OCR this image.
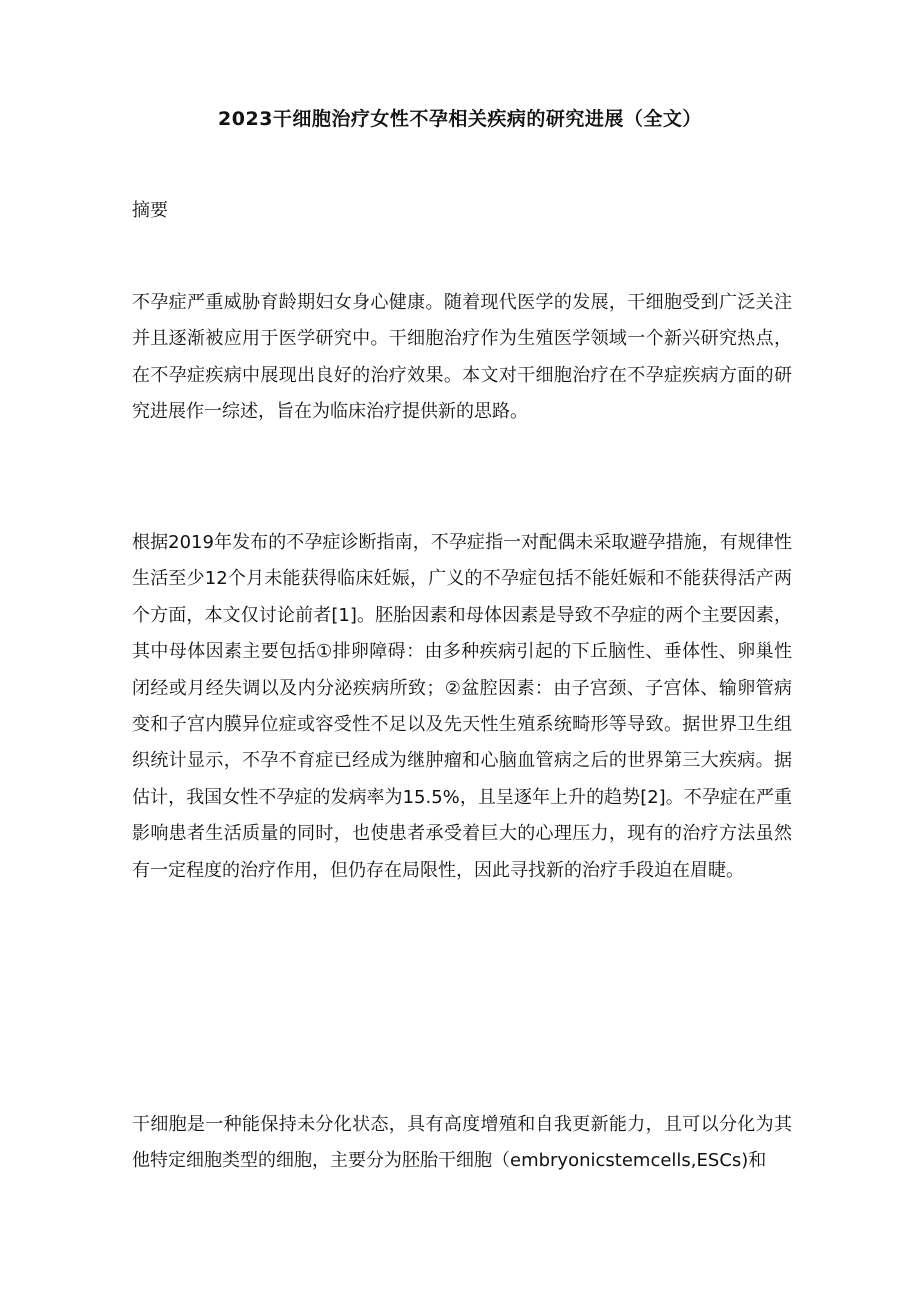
2023干细胞治疗女性不孕相关疾病的研究进展（全文）
摘要

不孕症严重威胁育龄期妇女身心健康。随着现代医学的发展，干细胞受到广泛关注并且逐渐被应用于医学研究中。干细胞治疗作为生殖医学领域一个新兴研究热点，在不孕症疾病中展现出良好的治疗效果。本文对干细胞治疗在不孕症疾病方面的研究进展作一综述，旨在为临床治疗提供新的思路。

根据2019年发布的不孕症诊断指南，不孕症指一对配偶未采取避孕措施，有规律性生活至少12个月未能获得临床妊娠，广义的不孕症包括不能妊娠和不能获得活产两个方面，本文仅讨论前者[1]。胚胎因素和母体因素是导致不孕症的两个主要因素，其中母体因素主要包括①排卵障碍：由多种疾病引起的下丘脑性、垂体性、卵巢性闭经或月经失调以及内分泌疾病所致；②盆腔因素：由子宫颈、子宫体、输卵管病变和子宫内膜异位症或容受性不足以及先天性生殖系统畸形等导致。据世界卫生组织统计显示，不孕不育症已经成为继肿瘤和心脑血管病之后的世界第三大疾病。据估计，我国女性不孕症的发病率为15.5%，且呈逐年上升的趋势[2]。不孕症在严重影响患者生活质量的同时，也使患者承受着巨大的心理压力，现有的治疗方法虽然有一定程度的治疗作用，但仍存在局限性，因此寻找新的治疗手段迫在眉睫。

干细胞是一种能保持未分化状态，具有高度增殖和自我更新能力，且可以分化为其他特定细胞类型的细胞，主要分为胚胎干细胞（embryonicstemcells,ESCs)和
